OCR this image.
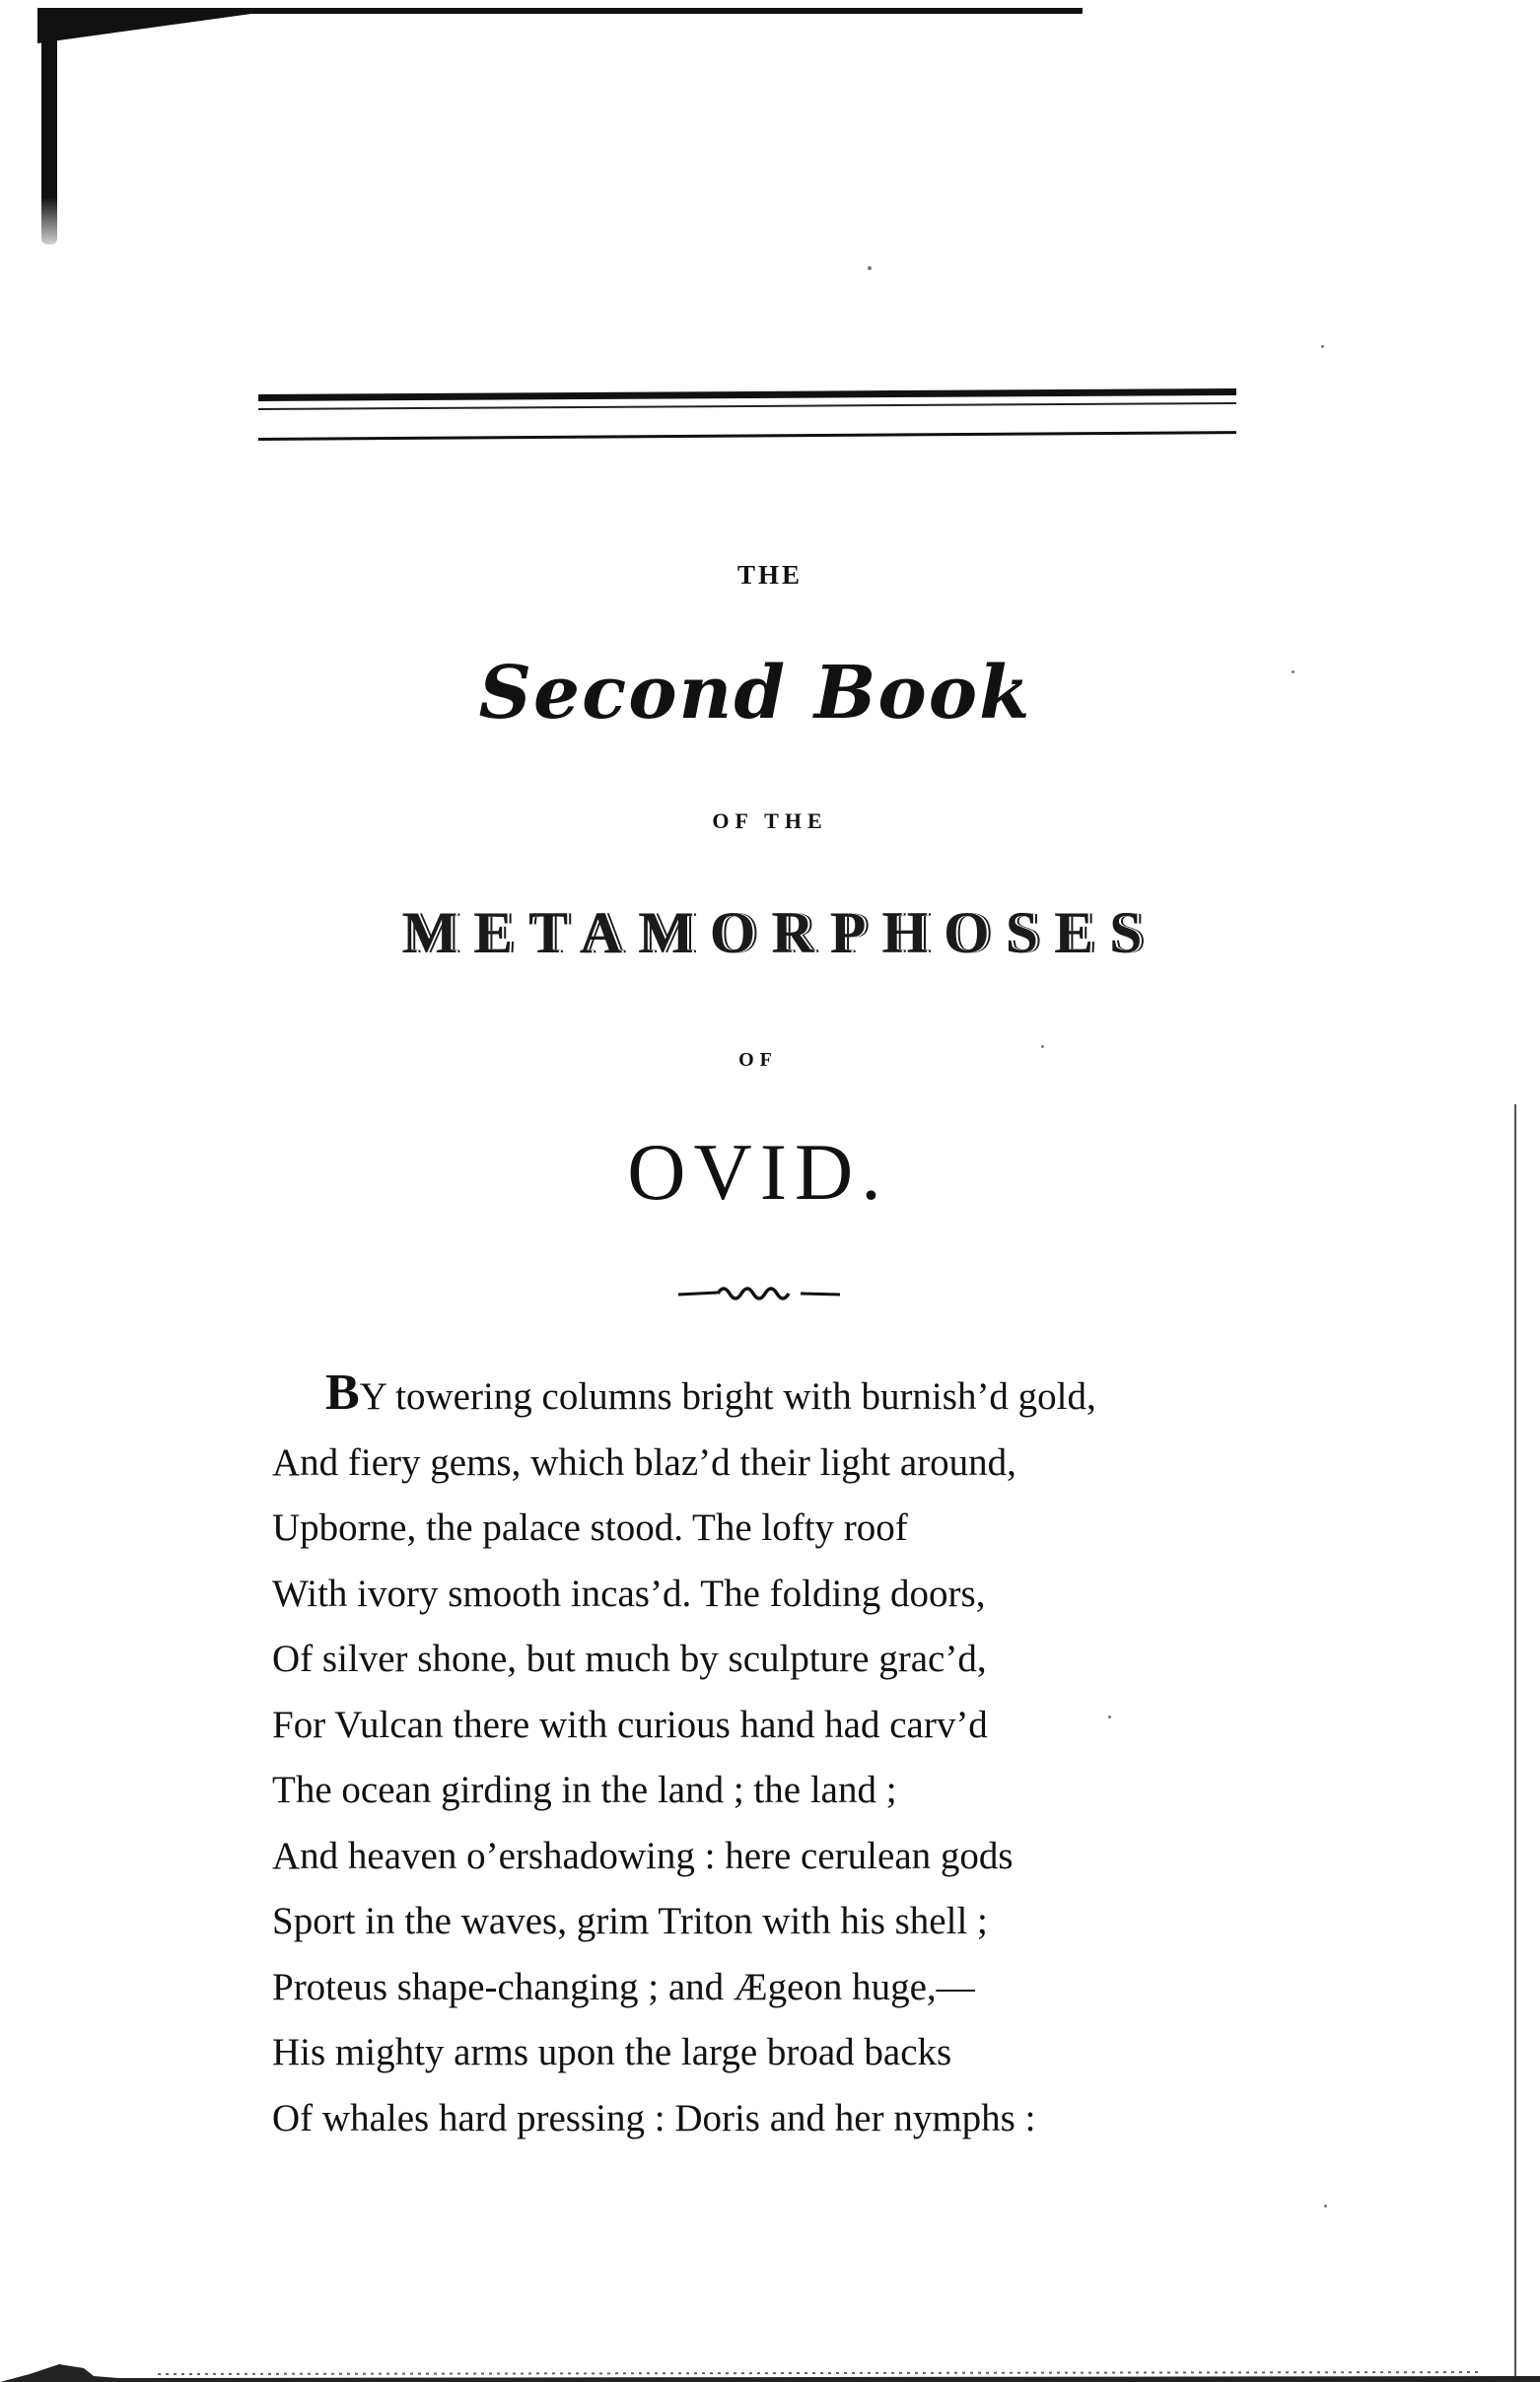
THE
Second Book
OF THE
METAMORPHOSES
OF
OVID.
BY towering columns bright with burnish’d gold,
And fiery gems, which blaz’d their light around,
Upborne, the palace stood. The lofty roof
With ivory smooth incas’d. The folding doors,
Of silver shone, but much by sculpture grac’d,
For Vulcan there with curious hand had carv’d
The ocean girding in the land ; the land ;
And heaven o’ershadowing : here cerulean gods
Sport in the waves, grim Triton with his shell ;
Proteus shape-changing ; and Ægeon huge,—
His mighty arms upon the large broad backs
Of whales hard pressing : Doris and her nymphs :
